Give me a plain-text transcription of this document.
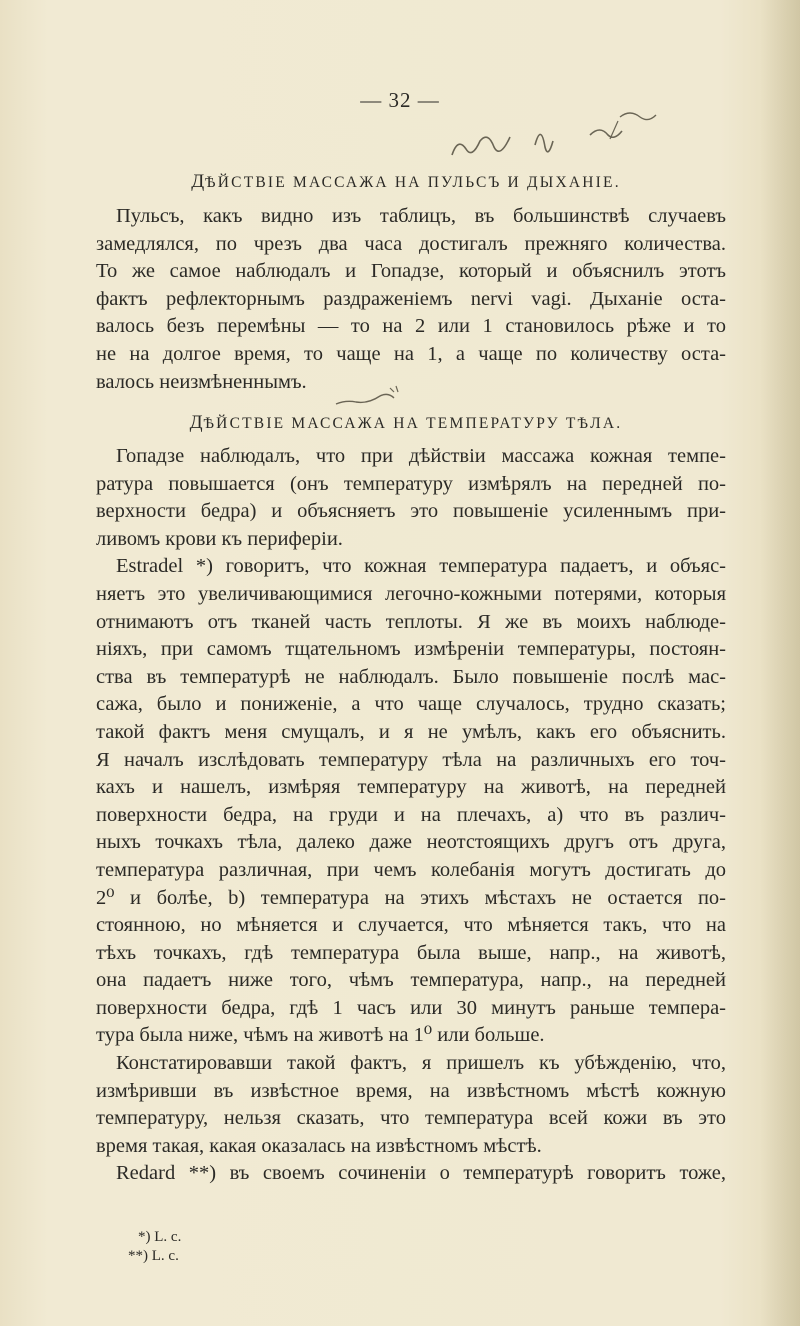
— 32 —
ДѢЙСТВІЕ МАССАЖА НА ПУЛЬСЪ И ДЫХАНІЕ.
Пульсъ, какъ видно изъ таблицъ, въ большинствѣ случаевъ
замедлялся, по чрезъ два часа достигалъ прежняго количества.
То же самое наблюдалъ и Гопадзе, который и объяснилъ этотъ
фактъ рефлекторнымъ раздраженіемъ nervi vagi. Дыханіе оста-
валось безъ перемѣны — то на 2 или 1 становилось рѣже и то
не на долгое время, то чаще на 1, а чаще по количеству оста-
валось неизмѣненнымъ.
ДѢЙСТВІЕ МАССАЖА НА ТЕМПЕРАТУРУ ТѢЛА.
Гопадзе наблюдалъ, что при дѣйствіи массажа кожная темпе-
ратура повышается (онъ температуру измѣрялъ на передней по-
верхности бедра) и объясняетъ это повышеніе усиленнымъ при-
ливомъ крови къ периферіи.
Estradel *) говоритъ, что кожная температура падаетъ, и объяс-
няетъ это увеличивающимися легочно-кожными потерями, которыя
отнимаютъ отъ тканей часть теплоты. Я же въ моихъ наблюде-
ніяхъ, при самомъ тщательномъ измѣреніи температуры, постоян-
ства въ температурѣ не наблюдалъ. Было повышеніе послѣ мас-
сажа, было и пониженіе, а что чаще случалось, трудно сказать;
такой фактъ меня смущалъ, и я не умѣлъ, какъ его объяснить.
Я началъ изслѣдовать температуру тѣла на различныхъ его точ-
кахъ и нашелъ, измѣряя температуру на животѣ, на передней
поверхности бедра, на груди и на плечахъ, а) что въ различ-
ныхъ точкахъ тѣла, далеко даже неотстоящихъ другъ отъ друга,
температура различная, при чемъ колебанія могутъ достигать до
2⁰ и болѣе, b) температура на этихъ мѣстахъ не остается по-
стоянною, но мѣняется и случается, что мѣняется такъ, что на
тѣхъ точкахъ, гдѣ температура была выше, напр., на животѣ,
она падаетъ ниже того, чѣмъ температура, напр., на передней
поверхности бедра, гдѣ 1 часъ или 30 минутъ раньше темпера-
тура была ниже, чѣмъ на животѣ на 1⁰ или больше.
Констатировавши такой фактъ, я пришелъ къ убѣжденію, что,
измѣривши въ извѣстное время, на извѣстномъ мѣстѣ кожную
температуру, нельзя сказать, что температура всей кожи въ это
время такая, какая оказалась на извѣстномъ мѣстѣ.
Redard **) въ своемъ сочиненіи о температурѣ говоритъ тоже,
*) L. c.
**) L. c.
